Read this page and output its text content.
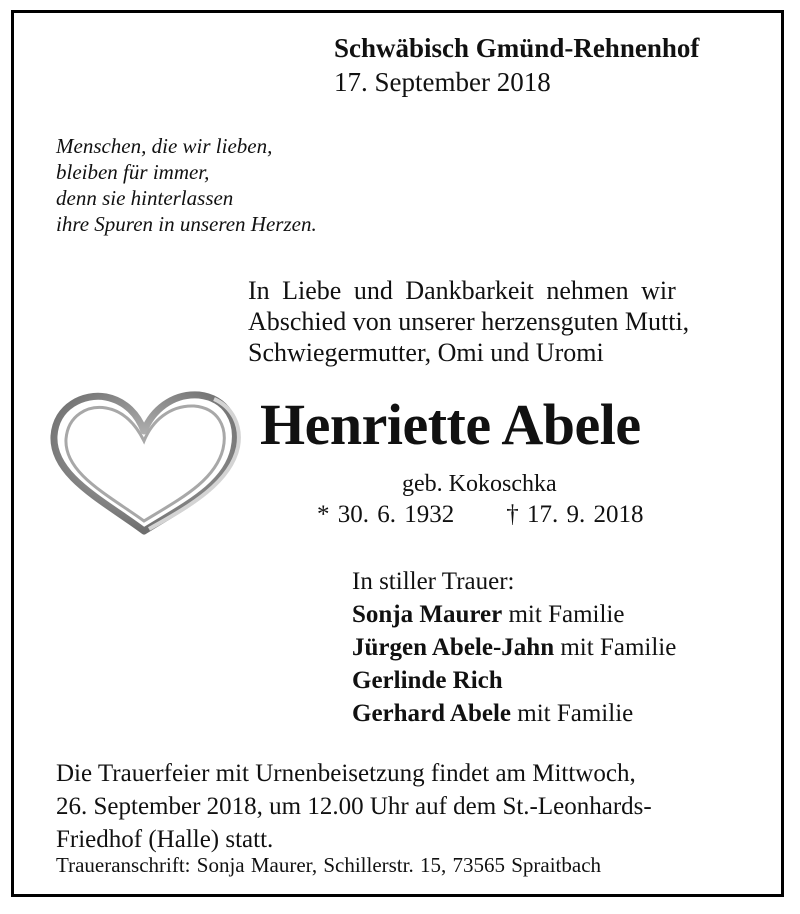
Schwäbisch Gmünd-Rehnenhof
17. September 2018
Menschen, die wir lieben,
bleiben für immer,
denn sie hinterlassen
ihre Spuren in unseren Herzen.
In Liebe und Dankbarkeit nehmen wir
Abschied von unserer herzensguten Mutti,
Schwiegermutter, Omi und Uromi
Henriette Abele
geb. Kokoschka
* 30. 6. 1932 † 17. 9. 2018
In stiller Trauer:
Sonja Maurer mit Familie
Jürgen Abele-Jahn mit Familie
Gerlinde Rich
Gerhard Abele mit Familie
Die Trauerfeier mit Urnenbeisetzung findet am Mittwoch,
26. September 2018, um 12.00 Uhr auf dem St.-Leonhards-
Friedhof (Halle) statt.
Traueranschrift: Sonja Maurer, Schillerstr. 15, 73565 Spraitbach
